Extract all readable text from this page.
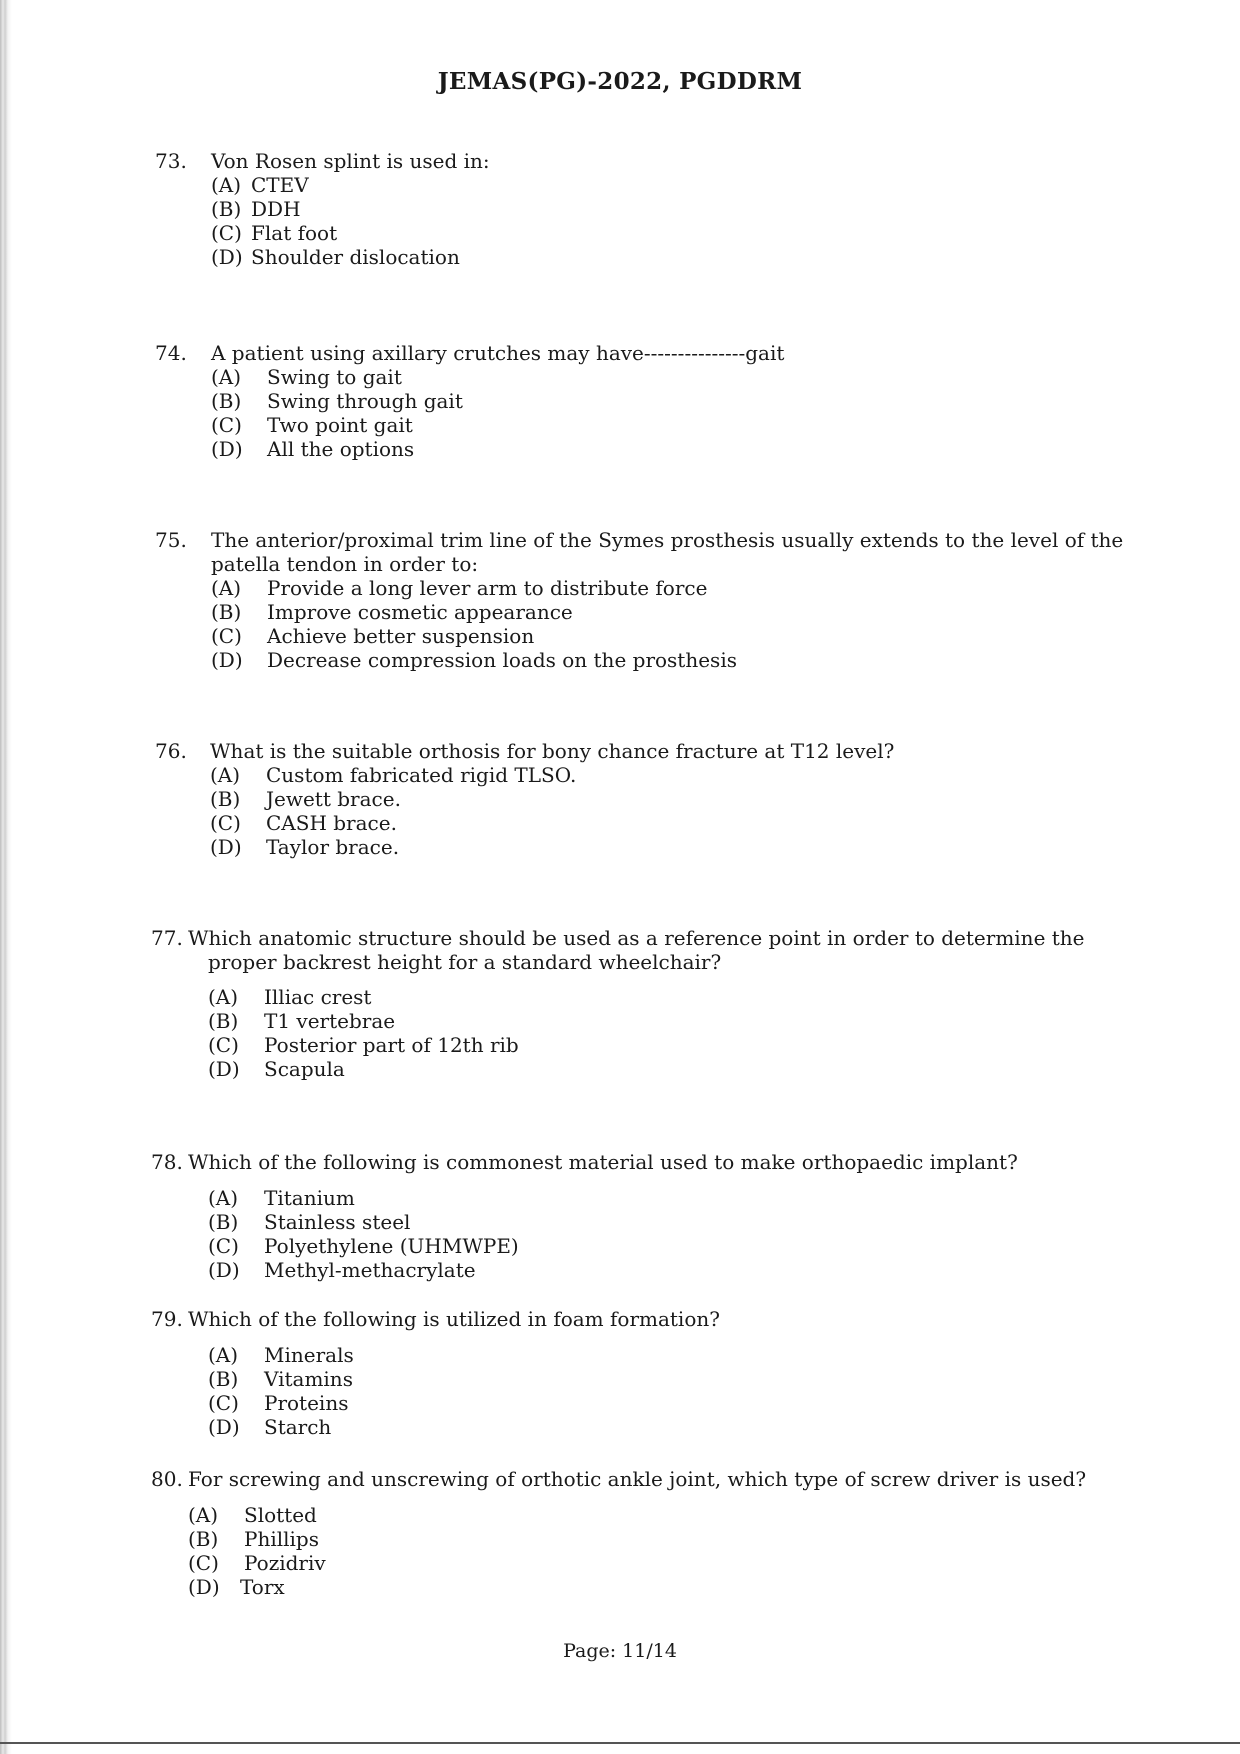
JEMAS(PG)-2022, PGDDRM
73. Von Rosen splint is used in:
(A) CTEV
(B) DDH
(C) Flat foot
(D) Shoulder dislocation
74. A patient using axillary crutches may have---------------gait
(A) Swing to gait
(B) Swing through gait
(C) Two point gait
(D) All the options
75. The anterior/proximal trim line of the Symes prosthesis usually extends to the level of the
patella tendon in order to:
(A) Provide a long lever arm to distribute force
(B) Improve cosmetic appearance
(C) Achieve better suspension
(D) Decrease compression loads on the prosthesis
76. What is the suitable orthosis for bony chance fracture at T12 level?
(A) Custom fabricated rigid TLSO.
(B) Jewett brace.
(C) CASH brace.
(D) Taylor brace.
77. Which anatomic structure should be used as a reference point in order to determine the
proper backrest height for a standard wheelchair?
(A) Illiac crest
(B) T1 vertebrae
(C) Posterior part of 12th rib
(D) Scapula
78. Which of the following is commonest material used to make orthopaedic implant?
(A) Titanium
(B) Stainless steel
(C) Polyethylene (UHMWPE)
(D) Methyl-methacrylate
79. Which of the following is utilized in foam formation?
(A) Minerals
(B) Vitamins
(C) Proteins
(D) Starch
80. For screwing and unscrewing of orthotic ankle joint, which type of screw driver is used?
(A) Slotted
(B) Phillips
(C) Pozidriv
(D) Torx
Page: 11/14
